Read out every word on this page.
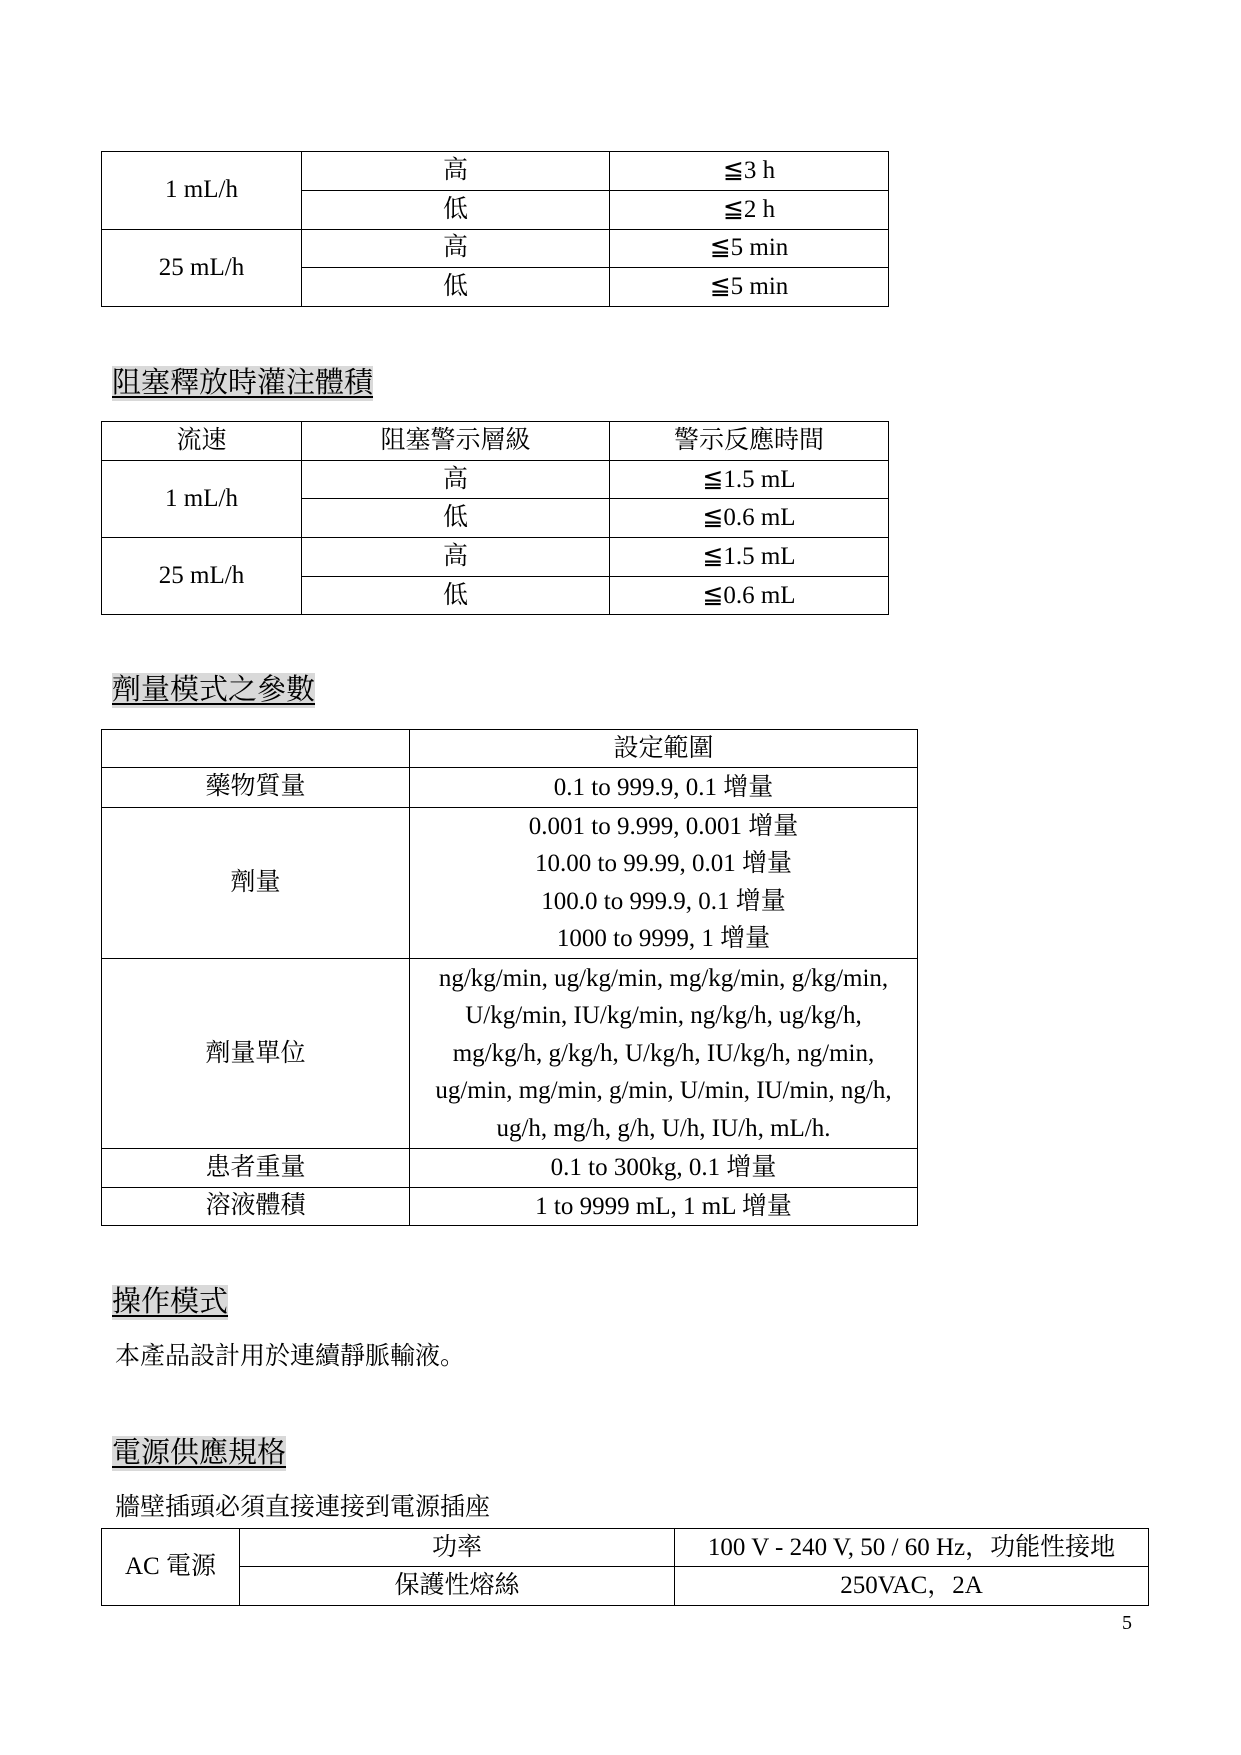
1 mL/h	高	≦3 h
	低	≦2 h
25 mL/h	高	≦5 min
	低	≦5 min
阻塞釋放時灌注體積
流速	阻塞警示層級	警示反應時間
1 mL/h	高	≦1.5 mL
	低	≦0.6 mL
25 mL/h	高	≦1.5 mL
	低	≦0.6 mL
劑量模式之參數
	設定範圍
藥物質量	0.1 to 999.9, 0.1 增量

劑量	0.001 to 9.999, 0.001 增量
10.00 to 99.99, 0.01 增量
100.0 to 999.9, 0.1 增量
1000 to 9999, 1 增量

劑量單位	ng/kg/min, ug/kg/min, mg/kg/min, g/kg/min,
U/kg/min, IU/kg/min, ng/kg/h, ug/kg/h,
mg/kg/h, g/kg/h, U/kg/h, IU/kg/h, ng/min,
ug/min, mg/min, g/min, U/min, IU/min, ng/h,
ug/h, mg/h, g/h, U/h, IU/h, mL/h.

患者重量	0.1 to 300kg, 0.1 增量

溶液體積	1 to 9999 mL, 1 mL 增量
操作模式
本產品設計用於連續靜脈輸液。
電源供應規格
牆壁插頭必須直接連接到電源插座
AC 電源	功率	100 V - 240 V, 50 / 60 Hz，功能性接地
	保護性熔絲	250VAC，2A
5
